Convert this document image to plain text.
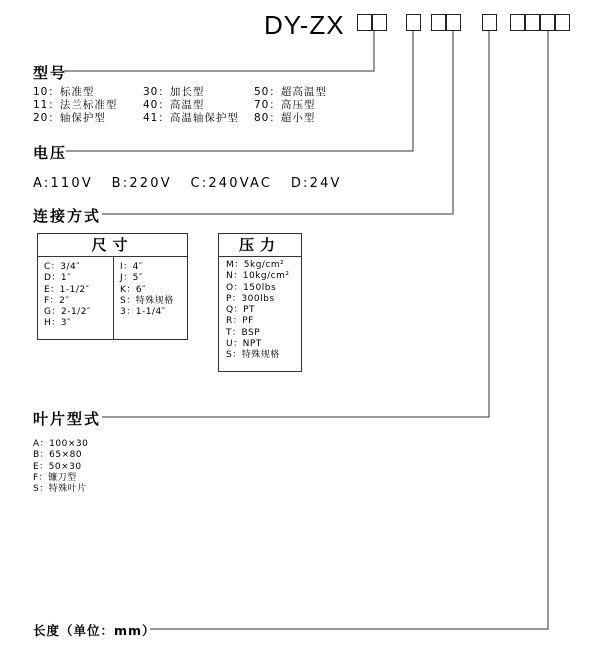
DY-ZX
型号
10：标准型	30：加长型	50：超高温型
11：法兰标准型 40：高温型	70：高压型
20：轴保护型	41：高温轴保护型 80：超小型
电压
A:110V  B:220V  C:240VAC  D:24V
连接方式
尺寸
C：3/4″
D：1″
E：1-1/2″
F：2″
G：2-1/2″
H：3″
I：4″
J：5″
K：6″
S：特殊规格
3：1-1/4″
压力
M：5kg/cm²
N：10kg/cm²
O：150lbs
P：300lbs
Q：PT
R：PF
T：BSP
U：NPT
S：特殊规格
叶片型式
A：100×30
B：65×80
E：50×30
F：镰刀型
S：特殊叶片
长度（单位：mm）
